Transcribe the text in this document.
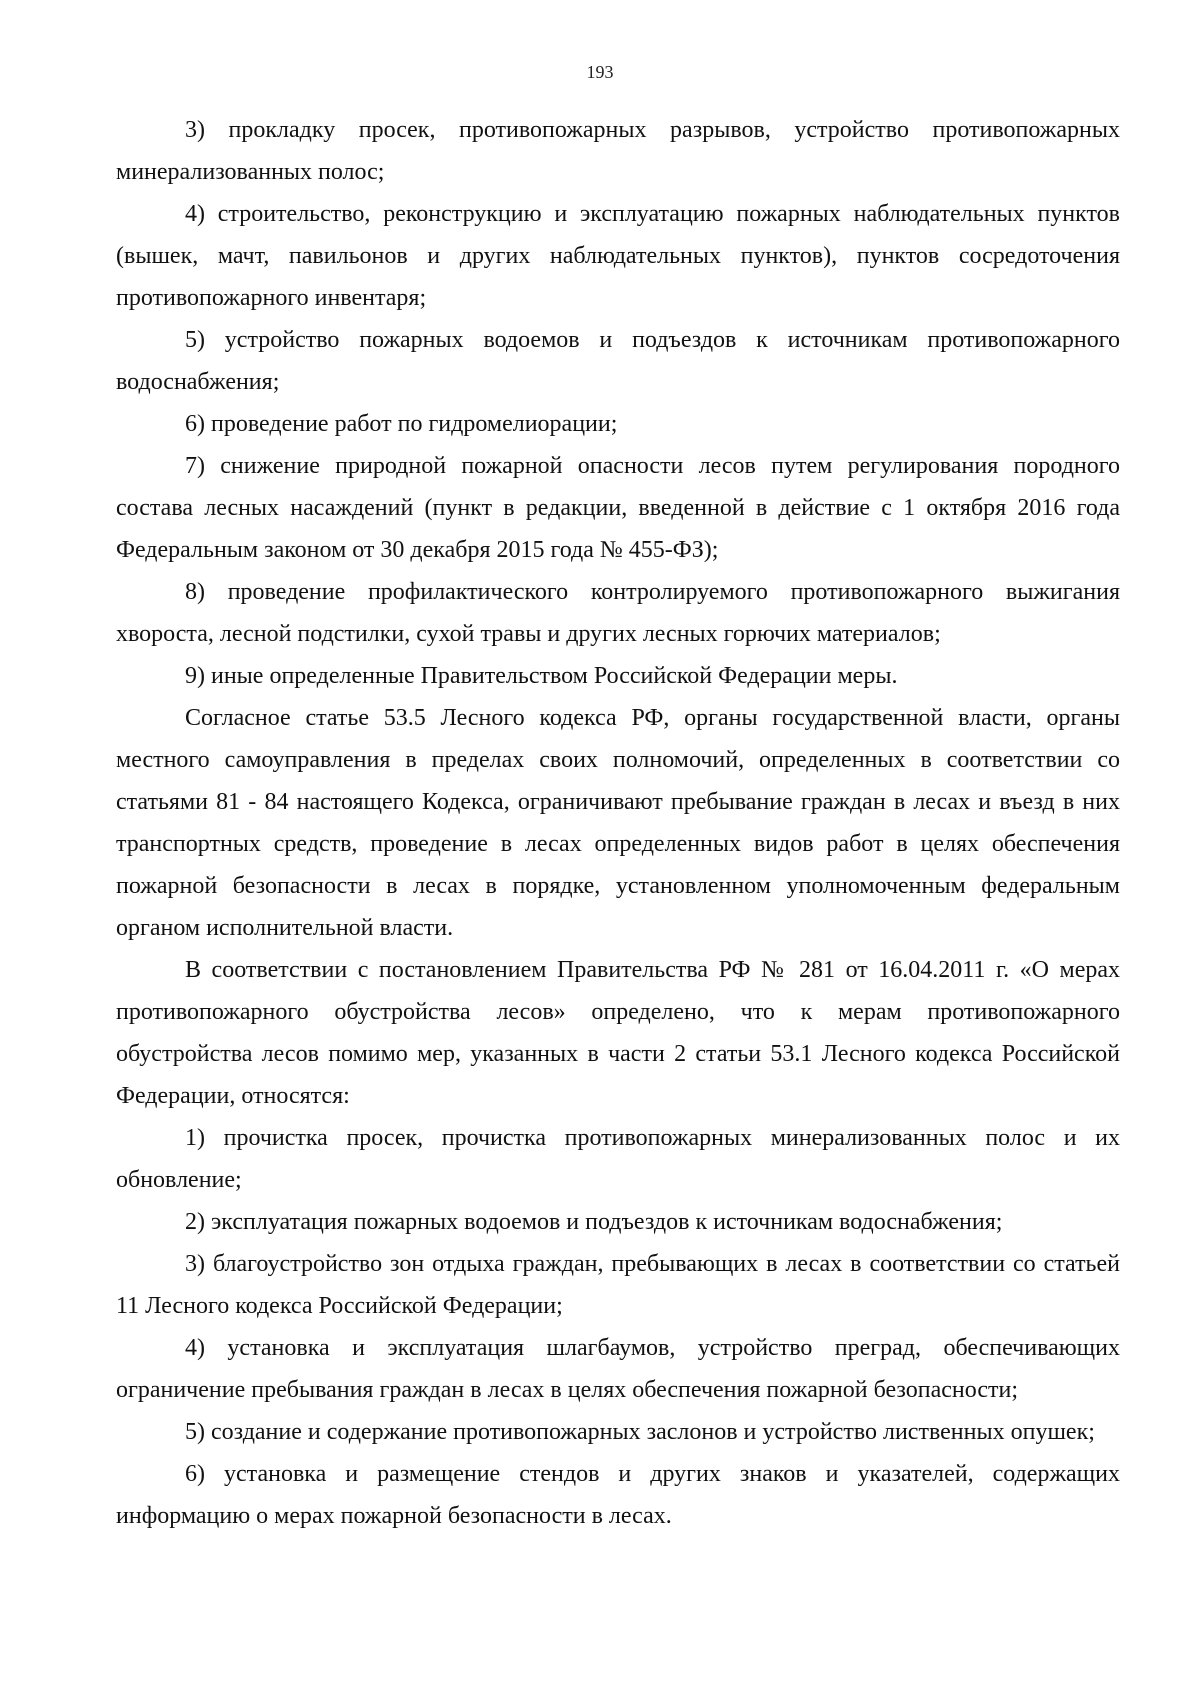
193

3) прокладку просек, противопожарных разрывов, устройство противопожарных минерализованных полос;

4) строительство, реконструкцию и эксплуатацию пожарных наблюдательных пунктов (вышек, мачт, павильонов и других наблюдательных пунктов), пунктов сосредоточения противопожарного инвентаря;

5) устройство пожарных водоемов и подъездов к источникам противопожарного водоснабжения;

6) проведение работ по гидромелиорации;

7) снижение природной пожарной опасности лесов путем регулирования породного состава лесных насаждений (пункт в редакции, введенной в действие с 1 октября 2016 года Федеральным законом от 30 декабря 2015 года № 455-ФЗ);

8) проведение профилактического контролируемого противопожарного выжигания хвороста, лесной подстилки, сухой травы и других лесных горючих материалов;

9) иные определенные Правительством Российской Федерации меры.

Согласное статье 53.5 Лесного кодекса РФ, органы государственной власти, органы местного самоуправления в пределах своих полномочий, определенных в соответствии со статьями 81 - 84 настоящего Кодекса, ограничивают пребывание граждан в лесах и въезд в них транспортных средств, проведение в лесах определенных видов работ в целях обеспечения пожарной безопасности в лесах в порядке, установленном уполномоченным федеральным органом исполнительной власти.

В соответствии с постановлением Правительства РФ № 281 от 16.04.2011 г. «О мерах противопожарного обустройства лесов» определено, что к мерам противопожарного обустройства лесов помимо мер, указанных в части 2 статьи 53.1 Лесного кодекса Российской Федерации, относятся:

1) прочистка просек, прочистка противопожарных минерализованных полос и их обновление;

2) эксплуатация пожарных водоемов и подъездов к источникам водоснабжения;

3) благоустройство зон отдыха граждан, пребывающих в лесах в соответствии со статьей 11 Лесного кодекса Российской Федерации;

4) установка и эксплуатация шлагбаумов, устройство преград, обеспечивающих ограничение пребывания граждан в лесах в целях обеспечения пожарной безопасности;

5) создание и содержание противопожарных заслонов и устройство лиственных опушек;

6) установка и размещение стендов и других знаков и указателей, содержащих информацию о мерах пожарной безопасности в лесах.
